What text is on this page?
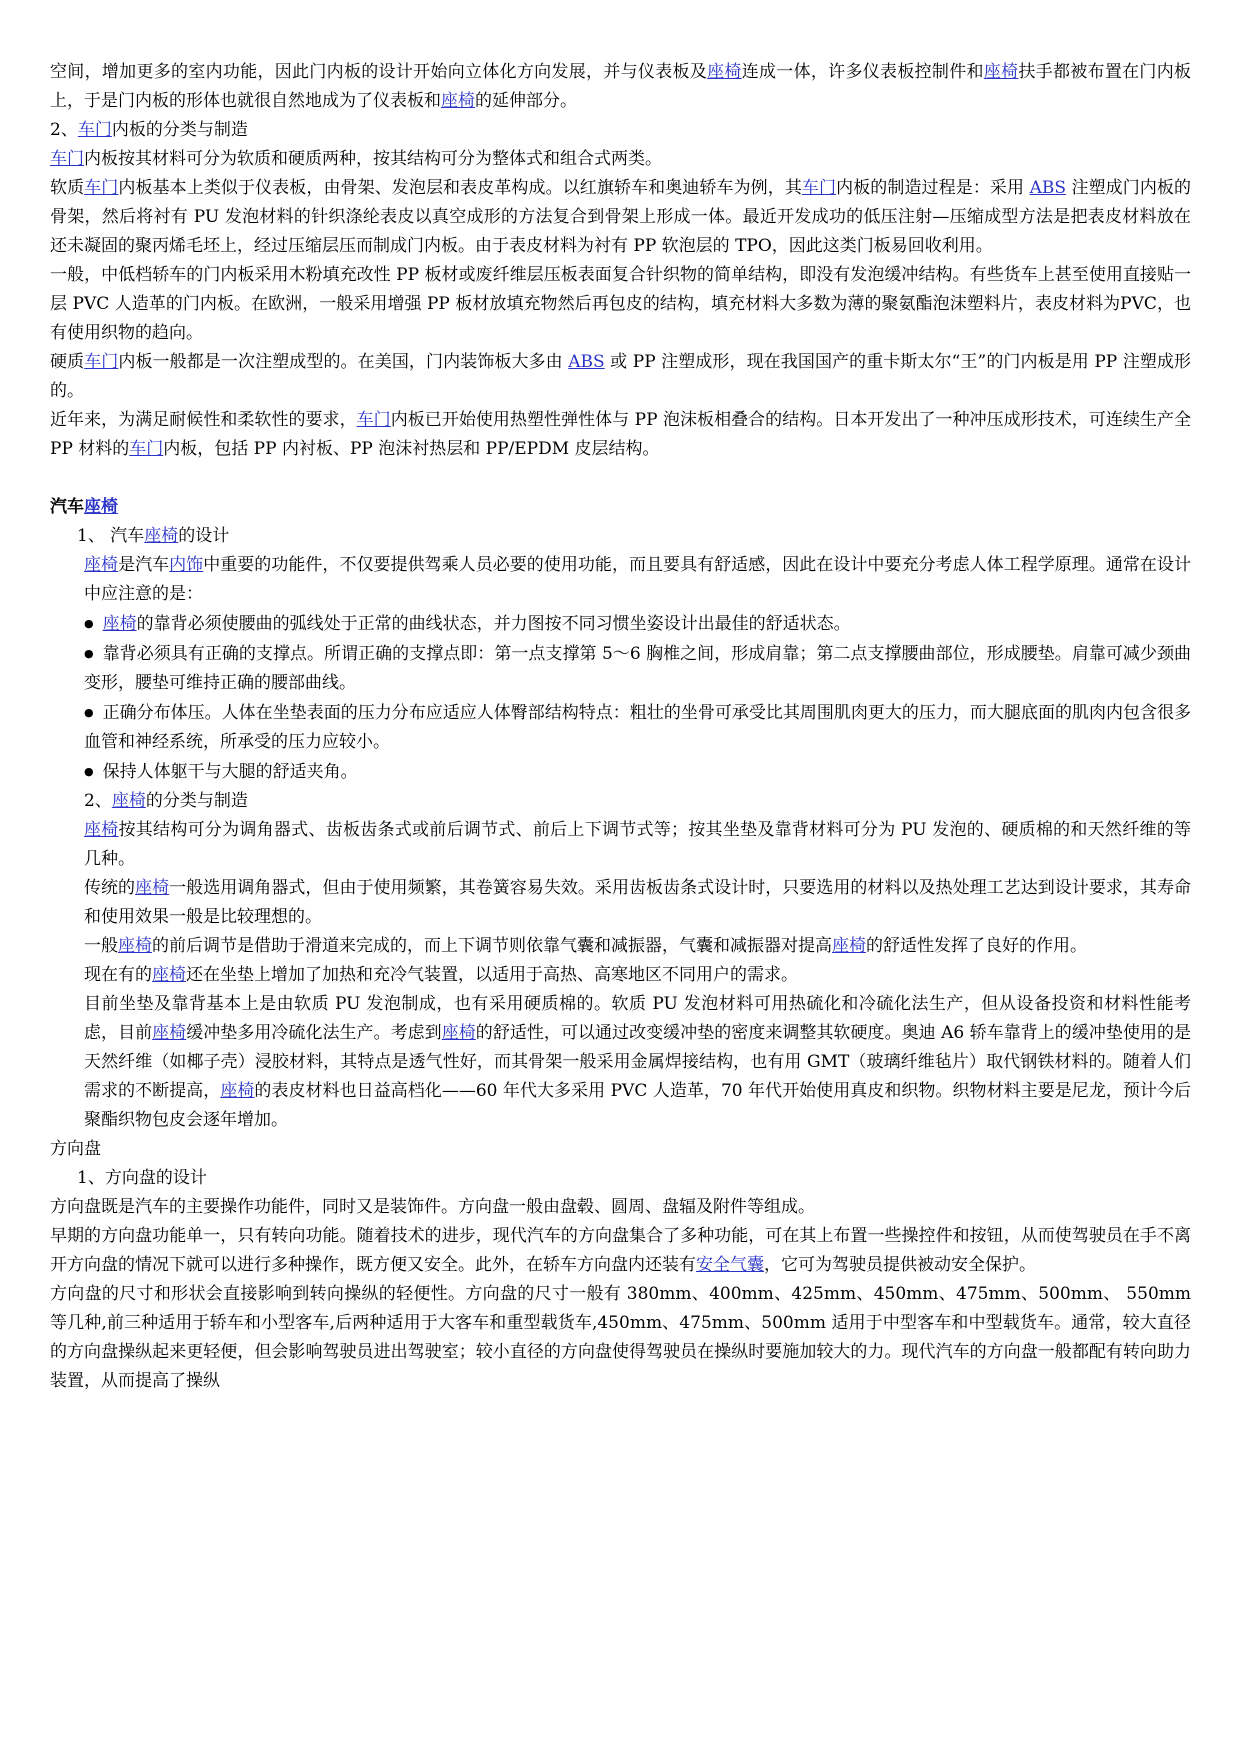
空间，增加更多的室内功能，因此门内板的设计开始向立体化方向发展，并与仪表板及座椅连成一体，许多仪表板控制件和座椅扶手都被布置在门内板上，于是门内板的形体也就很自然地成为了仪表板和座椅的延伸部分。
2、车门内板的分类与制造
车门内板按其材料可分为软质和硬质两种，按其结构可分为整体式和组合式两类。
软质车门内板基本上类似于仪表板，由骨架、发泡层和表皮革构成。以红旗轿车和奥迪轿车为例，其车门内板的制造过程是：采用 ABS 注塑成门内板的骨架，然后将衬有 PU 发泡材料的针织涤纶表皮以真空成形的方法复合到骨架上形成一体。最近开发成功的低压注射—压缩成型方法是把表皮材料放在还未凝固的聚丙烯毛坯上，经过压缩层压而制成门内板。由于表皮材料为衬有 PP 软泡层的 TPO，因此这类门板易回收利用。
一般，中低档轿车的门内板采用木粉填充改性 PP 板材或废纤维层压板表面复合针织物的简单结构，即没有发泡缓冲结构。有些货车上甚至使用直接贴一层 PVC 人造革的门内板。在欧洲，一般采用增强 PP 板材放填充物然后再包皮的结构，填充材料大多数为薄的聚氨酯泡沫塑料片，表皮材料为PVC，也有使用织物的趋向。
硬质车门内板一般都是一次注塑成型的。在美国，门内装饰板大多由 ABS 或 PP 注塑成形，现在我国国产的重卡斯太尔“王”的门内板是用 PP 注塑成形的。
近年来，为满足耐候性和柔软性的要求，车门内板已开始使用热塑性弹性体与 PP 泡沫板相叠合的结构。日本开发出了一种冲压成形技术，可连续生产全 PP 材料的车门内板，包括 PP 内衬板、PP 泡沫衬热层和 PP/EPDM 皮层结构。
汽车座椅
1、 汽车座椅的设计
座椅是汽车内饰中重要的功能件，不仅要提供驾乘人员必要的使用功能，而且要具有舒适感，因此在设计中要充分考虑人体工程学原理。通常在设计中应注意的是：
● 座椅的靠背必须使腰曲的弧线处于正常的曲线状态，并力图按不同习惯坐姿设计出最佳的舒适状态。
● 靠背必须具有正确的支撑点。所谓正确的支撑点即：第一点支撑第 5～6 胸椎之间，形成肩靠；第二点支撑腰曲部位，形成腰垫。肩靠可减少颈曲变形，腰垫可维持正确的腰部曲线。
● 正确分布体压。人体在坐垫表面的压力分布应适应人体臀部结构特点：粗壮的坐骨可承受比其周围肌肉更大的压力，而大腿底面的肌肉内包含很多血管和神经系统，所承受的压力应较小。
● 保持人体躯干与大腿的舒适夹角。
2、座椅的分类与制造
座椅按其结构可分为调角器式、齿板齿条式或前后调节式、前后上下调节式等；按其坐垫及靠背材料可分为 PU 发泡的、硬质棉的和天然纤维的等几种。
传统的座椅一般选用调角器式，但由于使用频繁，其卷簧容易失效。采用齿板齿条式设计时，只要选用的材料以及热处理工艺达到设计要求，其寿命和使用效果一般是比较理想的。
一般座椅的前后调节是借助于滑道来完成的，而上下调节则依靠气囊和减振器，气囊和减振器对提高座椅的舒适性发挥了良好的作用。
现在有的座椅还在坐垫上增加了加热和充冷气装置，以适用于高热、高寒地区不同用户的需求。
目前坐垫及靠背基本上是由软质 PU 发泡制成，也有采用硬质棉的。软质 PU 发泡材料可用热硫化和冷硫化法生产，但从设备投资和材料性能考虑，目前座椅缓冲垫多用冷硫化法生产。考虑到座椅的舒适性，可以通过改变缓冲垫的密度来调整其软硬度。奥迪 A6 轿车靠背上的缓冲垫使用的是天然纤维（如椰子壳）浸胶材料，其特点是透气性好，而其骨架一般采用金属焊接结构，也有用 GMT（玻璃纤维毡片）取代钢铁材料的。随着人们需求的不断提高，座椅的表皮材料也日益高档化——60 年代大多采用 PVC 人造革，70 年代开始使用真皮和织物。织物材料主要是尼龙，预计今后聚酯织物包皮会逐年增加。
方向盘
1、方向盘的设计
方向盘既是汽车的主要操作功能件，同时又是装饰件。方向盘一般由盘毂、圆周、盘辐及附件等组成。
早期的方向盘功能单一，只有转向功能。随着技术的进步，现代汽车的方向盘集合了多种功能，可在其上布置一些操控件和按钮，从而使驾驶员在手不离开方向盘的情况下就可以进行多种操作，既方便又安全。此外，在轿车方向盘内还装有安全气囊，它可为驾驶员提供被动安全保护。
方向盘的尺寸和形状会直接影响到转向操纵的轻便性。方向盘的尺寸一般有 380mm、400mm、425mm、450mm、475mm、500mm、 550mm 等几种,前三种适用于轿车和小型客车,后两种适用于大客车和重型载货车,450mm、475mm、500mm 适用于中型客车和中型载货车。通常，较大直径的方向盘操纵起来更轻便，但会影响驾驶员进出驾驶室；较小直径的方向盘使得驾驶员在操纵时要施加较大的力。现代汽车的方向盘一般都配有转向助力装置，从而提高了操纵
